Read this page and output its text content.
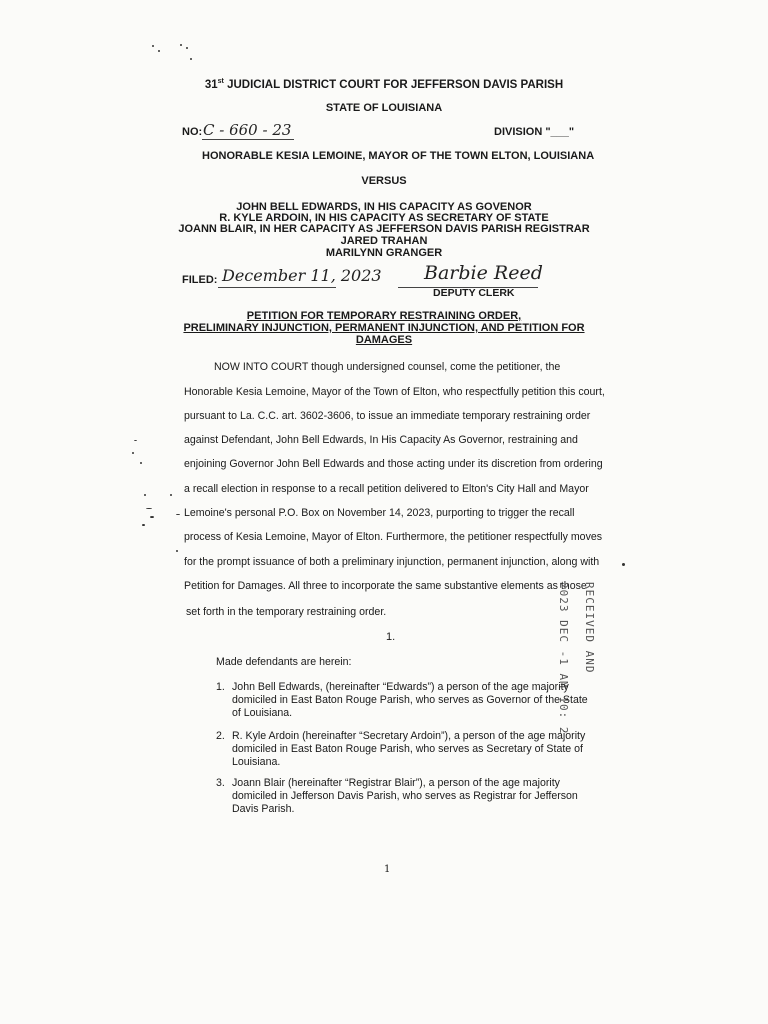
31st JUDICIAL DISTRICT COURT FOR JEFFERSON DAVIS PARISH
STATE OF LOUISIANA
NO: C - 660 - 23	DIVISION "___"
HONORABLE KESIA LEMOINE, MAYOR OF THE TOWN ELTON, LOUISIANA
VERSUS
JOHN BELL EDWARDS, IN HIS CAPACITY AS GOVENOR
R. KYLE ARDOIN, IN HIS CAPACITY AS SECRETARY OF STATE
JOANN BLAIR, IN HER CAPACITY AS JEFFERSON DAVIS PARISH REGISTRAR
JARED TRAHAN
MARILYNN GRANGER
FILED: December 11, 2023 Barbie Reed
DEPUTY CLERK
PETITION FOR TEMPORARY RESTRAINING ORDER,
PRELIMINARY INJUNCTION, PERMANENT INJUNCTION, AND PETITION FOR
DAMAGES
NOW INTO COURT though undersigned counsel, come the petitioner, the
Honorable Kesia Lemoine, Mayor of the Town of Elton, who respectfully petition this court,
pursuant to La. C.C. art. 3602-3606, to issue an immediate temporary restraining order
against Defendant, John Bell Edwards, In His Capacity As Governor, restraining and
enjoining Governor John Bell Edwards and those acting under its discretion from ordering
a recall election in response to a recall petition delivered to Elton's City Hall and Mayor
Lemoine's personal P.O. Box on November 14, 2023, purporting to trigger the recall
process of Kesia Lemoine, Mayor of Elton. Furthermore, the petitioner respectfully moves
for the prompt issuance of both a preliminary injunction, permanent injunction, along with
Petition for Damages. All three to incorporate the same substantive elements as those
set forth in the temporary restraining order.	RECEIVED AND
2023 DEC -1 AM 10: 2
1.
Made defendants are herein:
1. John Bell Edwards, (hereinafter “Edwards”) a person of the age majority domiciled in East Baton Rouge Parish, who serves as Governor of the State of Louisiana.
2. R. Kyle Ardoin (hereinafter “Secretary Ardoin”), a person of the age majority domiciled in East Baton Rouge Parish, who serves as Secretary of State of Louisiana.
3. Joann Blair (hereinafter “Registrar Blair”), a person of the age majority domiciled in Jefferson Davis Parish, who serves as Registrar for Jefferson Davis Parish.
1
